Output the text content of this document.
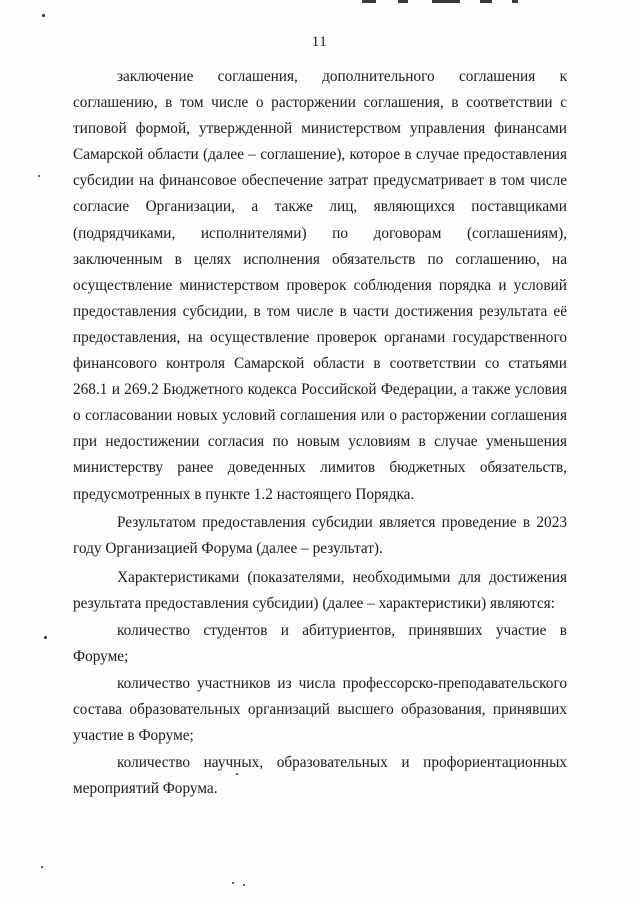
11

заключение соглашения, дополнительного соглашения к соглашению, в том числе о расторжении соглашения, в соответствии с типовой формой, утвержденной министерством управления финансами Самарской области (далее – соглашение), которое в случае предоставления субсидии на финансовое обеспечение затрат предусматривает в том числе согласие Организации, а также лиц, являющихся поставщиками (подрядчиками, исполнителями) по договорам (соглашениям), заключенным в целях исполнения обязательств по соглашению, на осуществление министерством проверок соблюдения порядка и условий предоставления субсидии, в том числе в части достижения результата её предоставления, на осуществление проверок органами государственного финансового контроля Самарской области в соответствии со статьями 268.1 и 269.2 Бюджетного кодекса Российской Федерации, а также условия о согласовании новых условий соглашения или о расторжении соглашения при недостижении согласия по новым условиям в случае уменьшения министерству ранее доведенных лимитов бюджетных обязательств, предусмотренных в пункте 1.2 настоящего Порядка.

Результатом предоставления субсидии является проведение в 2023 году Организацией Форума (далее – результат).

Характеристиками (показателями, необходимыми для достижения результата предоставления субсидии) (далее – характеристики) являются:

количество студентов и абитуриентов, принявших участие в Форуме;

количество участников из числа профессорско-преподавательского состава образовательных организаций высшего образования, принявших участие в Форуме;

количество научных, образовательных и профориентационных мероприятий Форума.
